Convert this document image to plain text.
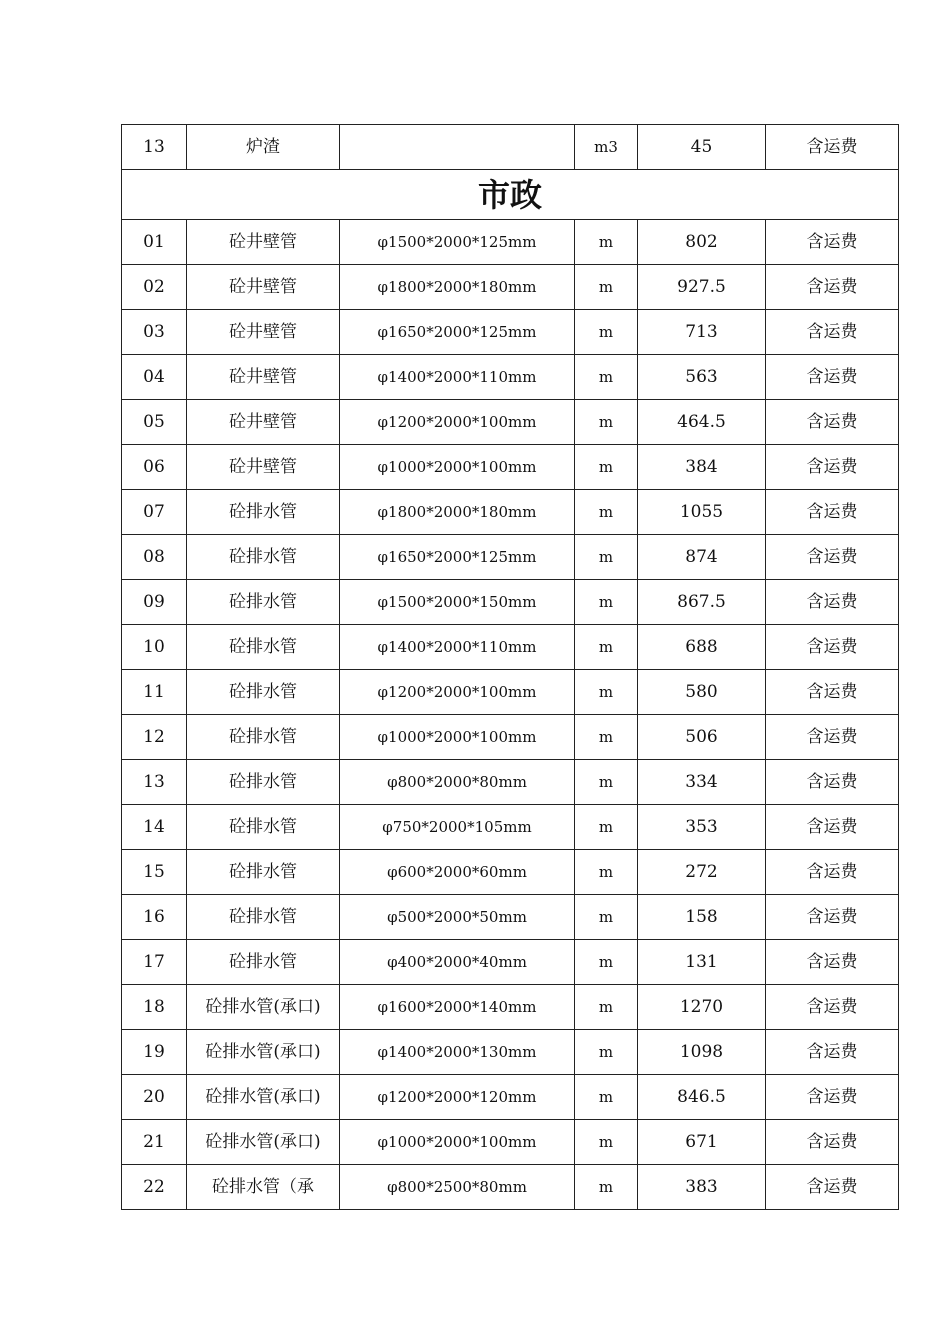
13	炉渣		m3	45	含运费
市政					
01	砼井壁管	φ1500*2000*125mm	m	802	含运费
02	砼井壁管	φ1800*2000*180mm	m	927.5	含运费
03	砼井壁管	φ1650*2000*125mm	m	713	含运费
04	砼井壁管	φ1400*2000*110mm	m	563	含运费
05	砼井壁管	φ1200*2000*100mm	m	464.5	含运费
06	砼井壁管	φ1000*2000*100mm	m	384	含运费
07	砼排水管	φ1800*2000*180mm	m	1055	含运费
08	砼排水管	φ1650*2000*125mm	m	874	含运费
09	砼排水管	φ1500*2000*150mm	m	867.5	含运费
10	砼排水管	φ1400*2000*110mm	m	688	含运费
11	砼排水管	φ1200*2000*100mm	m	580	含运费
12	砼排水管	φ1000*2000*100mm	m	506	含运费
13	砼排水管	φ800*2000*80mm	m	334	含运费
14	砼排水管	φ750*2000*105mm	m	353	含运费
15	砼排水管	φ600*2000*60mm	m	272	含运费
16	砼排水管	φ500*2000*50mm	m	158	含运费
17	砼排水管	φ400*2000*40mm	m	131	含运费
18	砼排水管(承口)	φ1600*2000*140mm	m	1270	含运费
19	砼排水管(承口)	φ1400*2000*130mm	m	1098	含运费
20	砼排水管(承口)	φ1200*2000*120mm	m	846.5	含运费
21	砼排水管(承口)	φ1000*2000*100mm	m	671	含运费
22	砼排水管（承	φ800*2500*80mm	m	383	含运费
